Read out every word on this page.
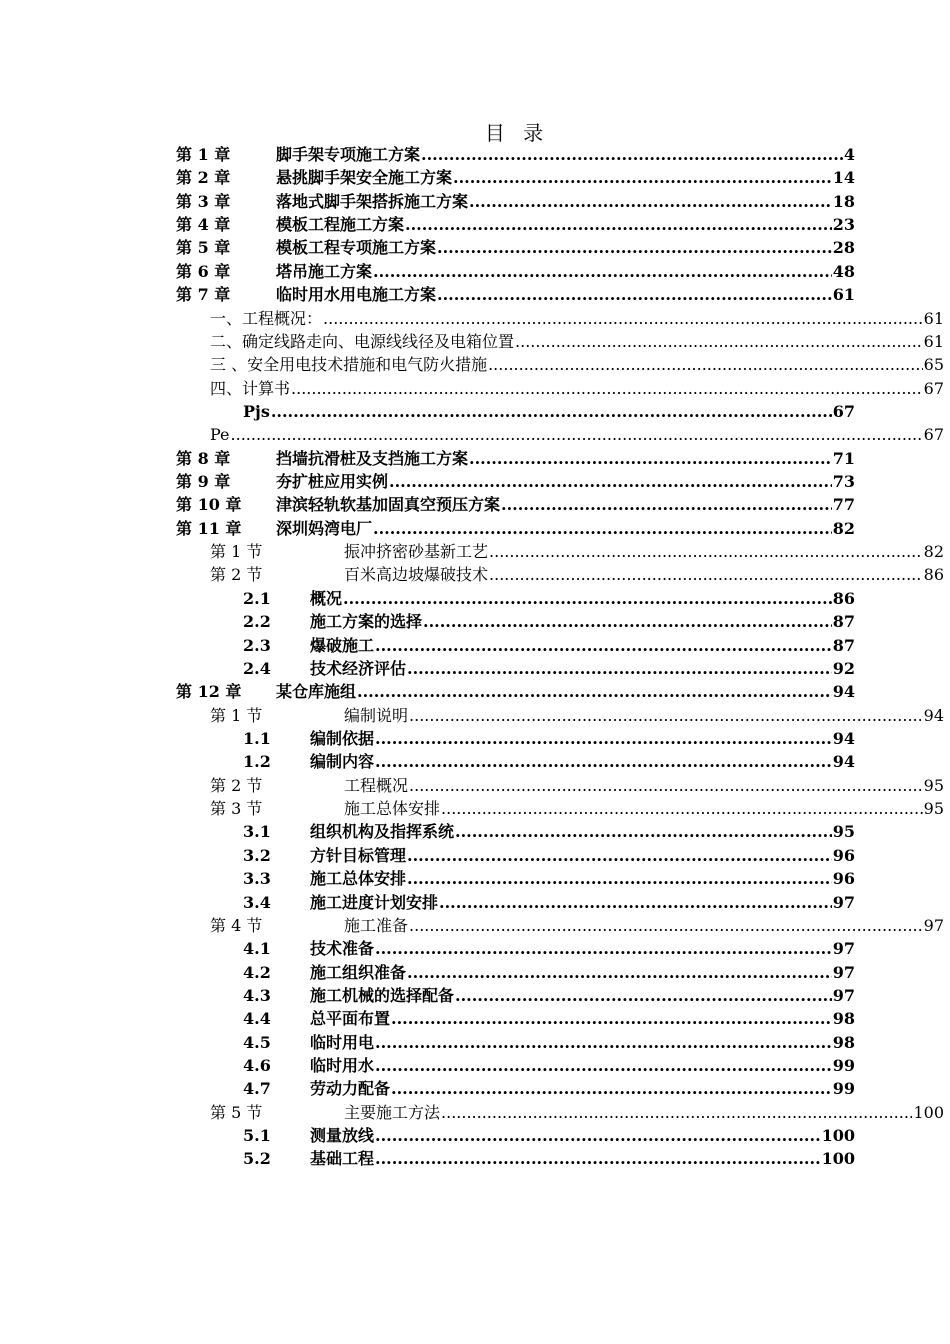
目 录
第 1 章	脚手架专项施工方案 .....	4
第 2 章	悬挑脚手架安全施工方案 .....	14
第 3 章	落地式脚手架搭拆施工方案 .....	18
第 4 章	模板工程施工方案 .....	23
第 5 章	模板工程专项施工方案 .....	28
第 6 章	塔吊施工方案 .....	48
第 7 章	临时用水用电施工方案 .....	61
一、工程概况： .....	61
二、确定线路走向、电源线线径及电箱位置 .....	61
三 、安全用电技术措施和电气防火措施 .....	65
四、计算书 .....	67
Pjs .....	67
Pe .....	67
第 8 章	挡墙抗滑桩及支挡施工方案 .....	71
第 9 章	夯扩桩应用实例 .....	73
第 10 章	津滨轻轨软基加固真空预压方案 .....	77
第 11 章	深圳妈湾电厂 .....	82
第 1 节	振冲挤密砂基新工艺 .....	82
第 2 节	百米高边坡爆破技术 .....	86
2.1	概况 .....	86
2.2	施工方案的选择 .....	87
2.3	爆破施工 .....	87
2.4	技术经济评估 .....	92
第 12 章	某仓库施组 .....	94
第 1 节	编制说明 .....	94
1.1	编制依据 .....	94
1.2	编制内容 .....	94
第 2 节	工程概况 .....	95
第 3 节	施工总体安排 .....	95
3.1	组织机构及指挥系统 .....	95
3.2	方针目标管理 .....	96
3.3	施工总体安排 .....	96
3.4	施工进度计划安排 .....	97
第 4 节	施工准备 .....	97
4.1	技术准备 .....	97
4.2	施工组织准备 .....	97
4.3	施工机械的选择配备 .....	97
4.4	总平面布置 .....	98
4.5	临时用电 .....	98
4.6	临时用水 .....	99
4.7	劳动力配备 .....	99
第 5 节	主要施工方法 .....	100
5.1	测量放线 .....	100
5.2	基础工程 .....	100
